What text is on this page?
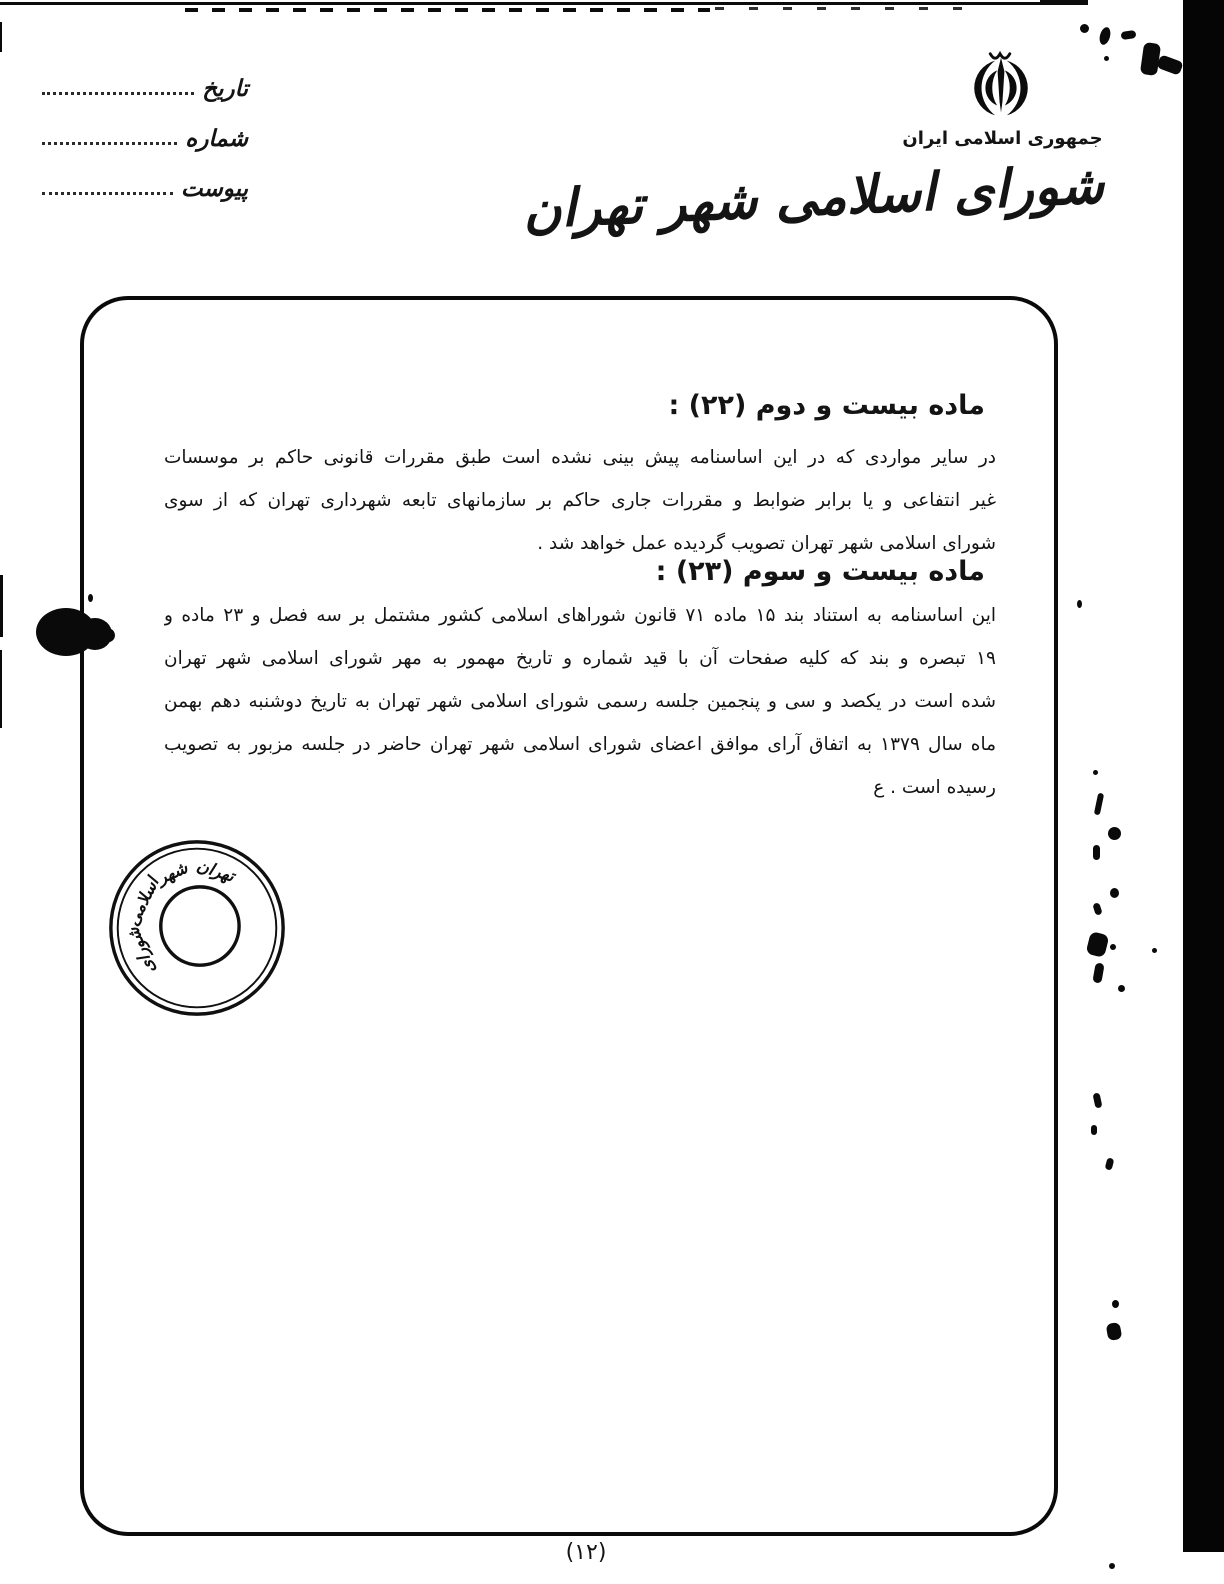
جمهوری اسلامی ایران
شورای اسلامی شهر تهران
تاریخ
شماره
پیوست
ماده بیست و دوم (۲۲) :
در سایر مواردی که در این اساسنامه پیش بینی نشده است طبق مقررات قانونی حاکم بر موسسات
غیر انتفاعی و یا برابر ضوابط و مقررات جاری حاکم بر سازمانهای تابعه شهرداری تهران که از سوی
شورای اسلامی شهر تهران تصویب گردیده عمل خواهد شد .
ماده بیست و سوم (۲۳) :
این اساسنامه به استناد بند ۱۵ ماده ۷۱ قانون شوراهای اسلامی کشور مشتمل بر سه فصل و ۲۳ ماده و
۱۹ تبصره و بند که کلیه صفحات آن با قید شماره و تاریخ مهمور به مهر شورای اسلامی شهر تهران
شده است در یکصد و سی و پنجمین جلسه رسمی شورای اسلامی شهر تهران به تاریخ دوشنبه دهم بهمن
ماه سال ۱۳۷۹ به اتفاق آرای موافق اعضای شورای اسلامی شهر تهران حاضر در جلسه مزبور به تصویب
رسیده است . ع
شورای
اسلامی
شهر تهران
(۱۲)
